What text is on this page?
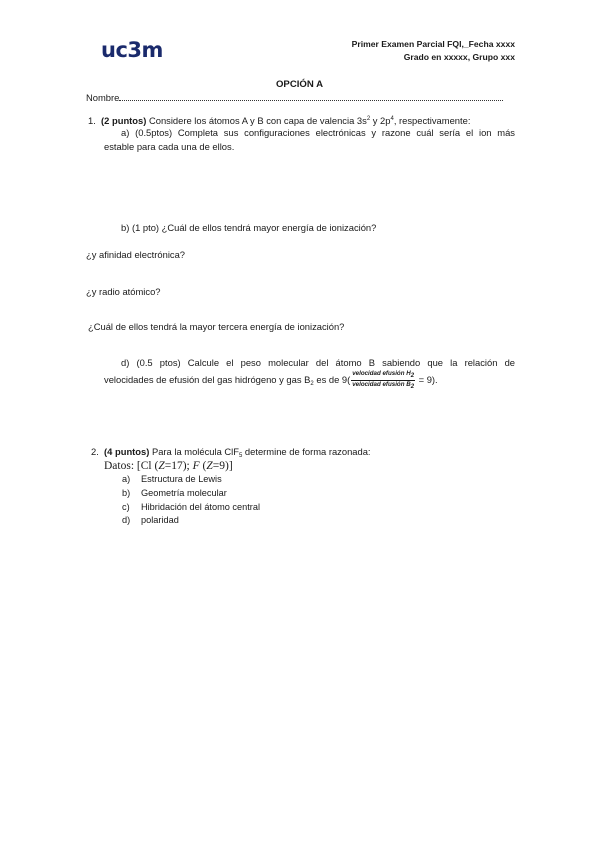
uc3m	Primer Examen Parcial FQI,_Fecha xxxx
Grado en xxxxx, Grupo xxx
OPCIÓN A
Nombre
1. (2 puntos) Considere los átomos A y B con capa de valencia $3s^2$ y $2p^4$, respectivamente:
a) (0.5ptos) Completa sus configuraciones electrónicas y razone cuál sería el ion más
estable para cada una de ellos.
b) (1 pto) ¿Cuál de ellos tendrá mayor energía de ionización?
¿y afinidad electrónica?
¿y radio atómico?
¿Cuál de ellos tendrá la mayor tercera energía de ionización?
d) (0.5 ptos) Calcule el peso molecular del átomo B sabiendo que la relación de
velocidades de efusión del gas hidrógeno y gas $B_2$ es de $9( \frac{velocidad efusión H_2}{velocidad efusión B_2} = 9)$.
2. (4 puntos) Para la molécula ClF$_5$ determine de forma razonada:
Datos: [Cl (Z=17); F (Z=9)]
a) Estructura de Lewis
b) Geometría molecular
c) Hibridación del átomo central
d) polaridad
